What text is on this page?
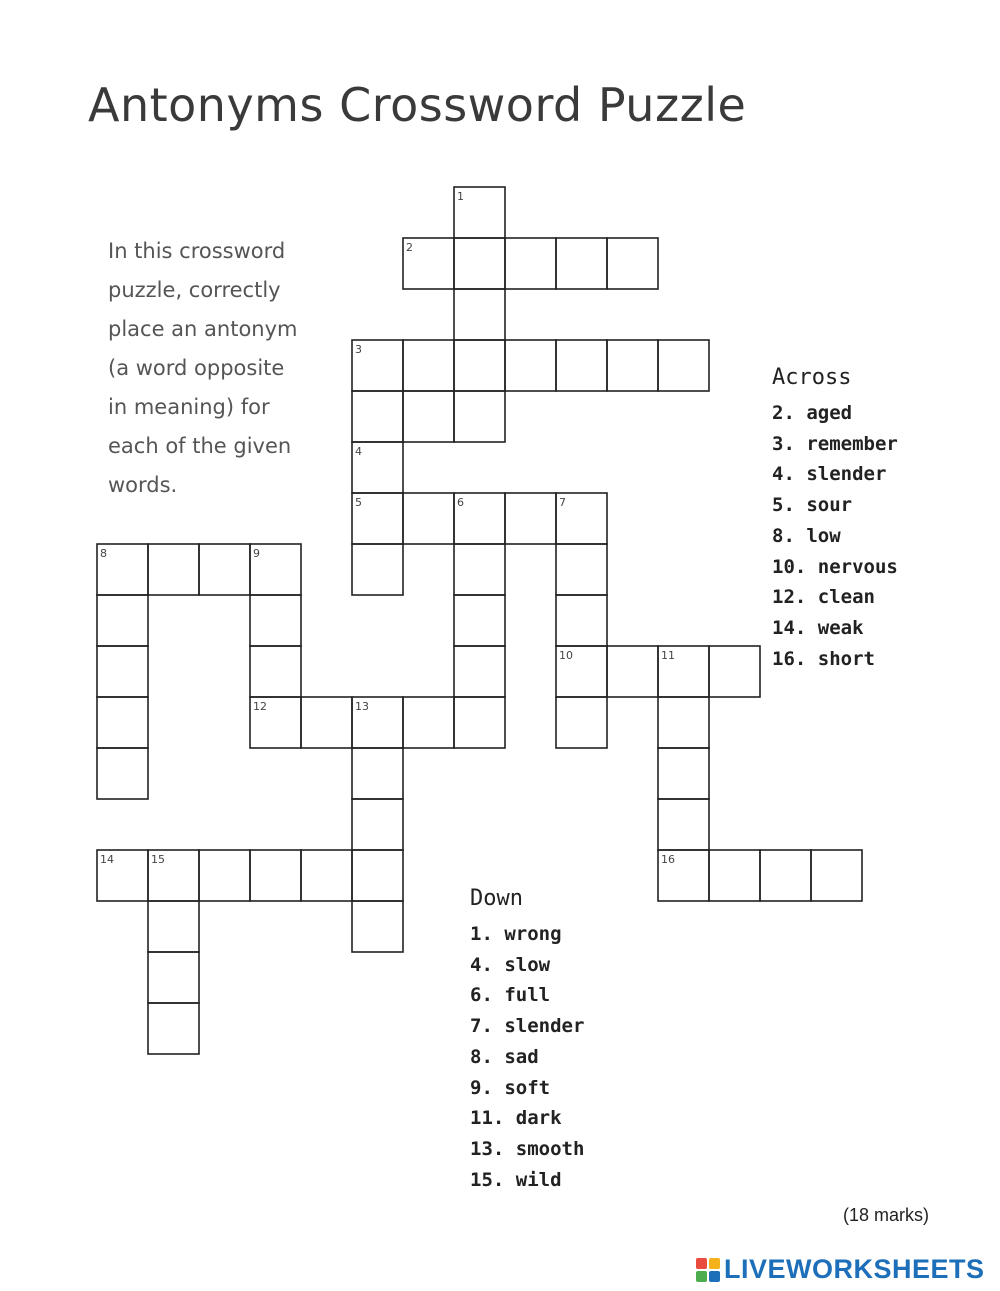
Antonyms Crossword Puzzle
In this crossword
puzzle, correctly
place an antonym
(a word opposite
in meaning) for
each of the given
words.
1
2
3
4
5	6	7
8	9
10	11
12	13
14	15	16
Across
2. aged
3. remember
4. slender
5. sour
8. low
10. nervous
12. clean
14. weak
16. short
Down
1. wrong
4. slow
6. full
7. slender
8. sad
9. soft
11. dark
13. smooth
15. wild
(18 marks)
LIVEWORKSHEETS
